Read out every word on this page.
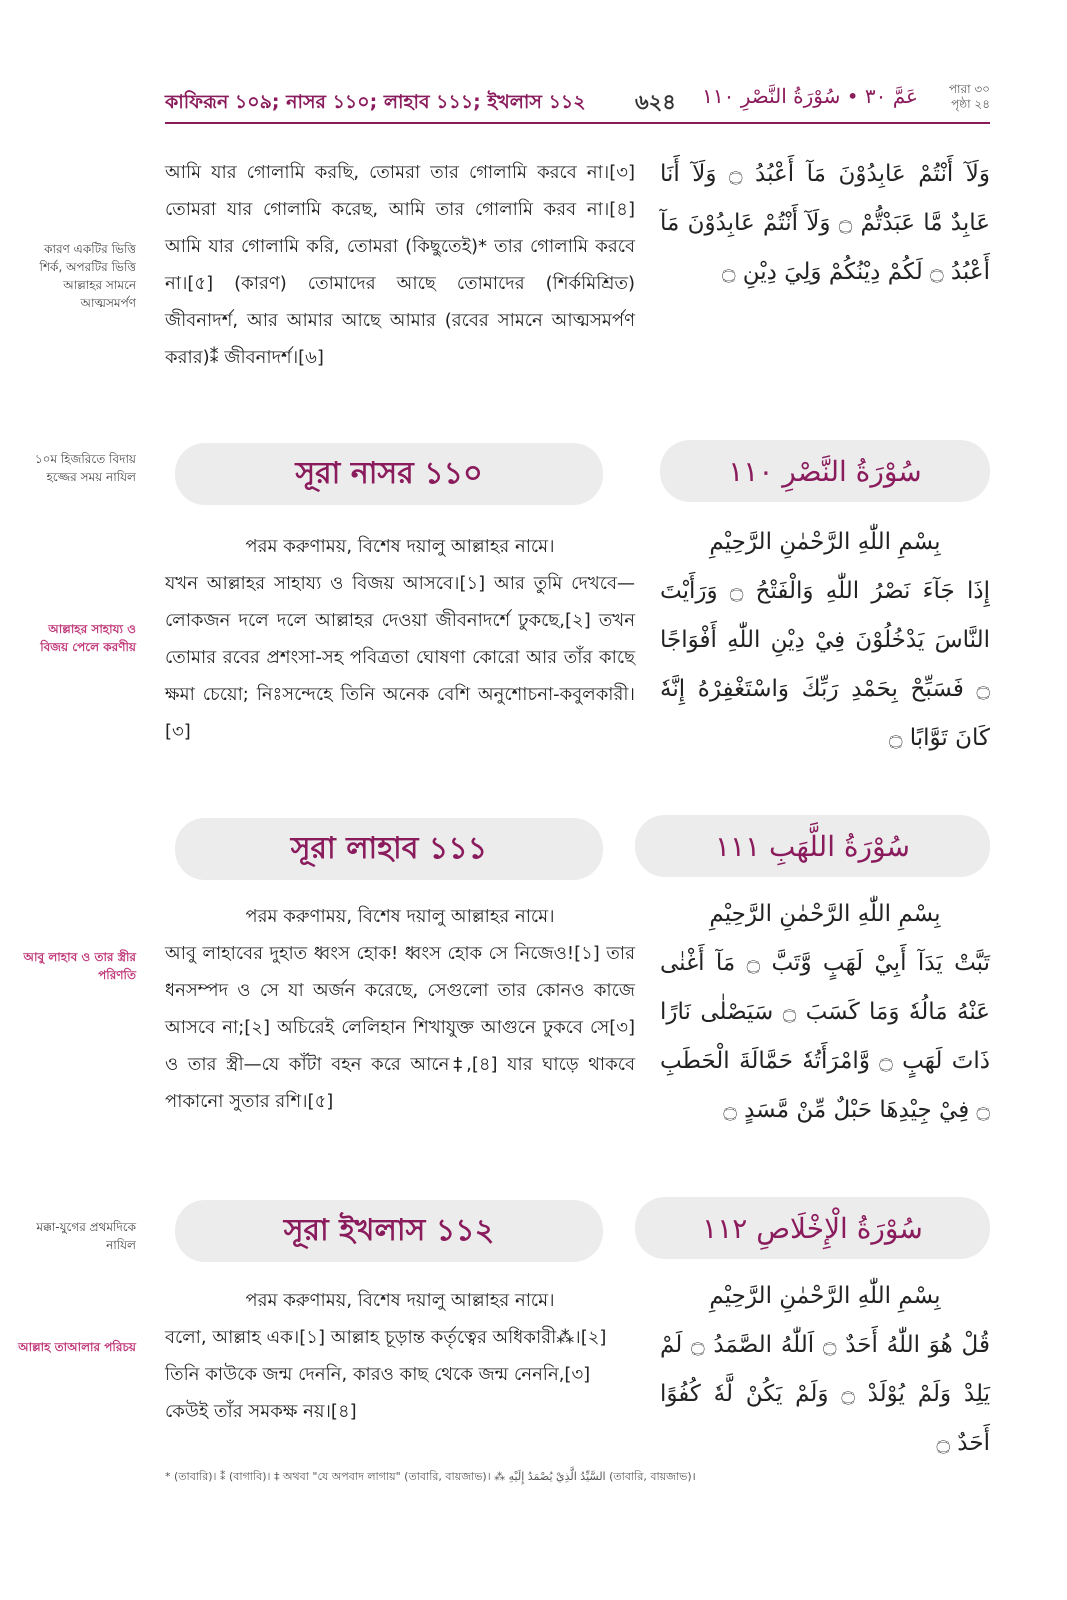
কাফিরূন ১০৯; নাসর ১১০; লাহাব ১১১; ইখলাস ১১২ ৬২৪ عَمَّ ٣٠ • سُوْرَةُ النَّصْرِ ١١٠	পারা ৩০
পৃষ্ঠা ২৪
কারণ একটির ভিত্তি শির্ক, অপরটির ভিত্তি আল্লাহর সামনে আত্মসমর্পণ

আমি যার গোলামি করছি, তোমরা তার গোলামি করবে না।[৩] তোমরা যার গোলামি করেছ, আমি তার গোলামি করব না।[৪] আমি যার গোলামি করি, তোমরা (কিছুতেই)* তার গোলামি করবে না।[৫] (কারণ) তোমাদের আছে তোমাদের (শির্কমিশ্রিত) জীবনাদর্শ, আর আমার আছে আমার (রবের সামনে আত্মসমর্পণ করার)⁑ জীবনাদর্শ।[৬]

وَلَآ أَنْتُمْ عَابِدُوْنَ مَآ أَعْبُدُ ۝ وَلَآ أَنَا عَابِدٌ مَّا عَبَدْتُّمْ ۝ وَلَآ أَنْتُمْ عَابِدُوْنَ مَآ أَعْبُدُ ۝ لَكُمْ دِيْنُكُمْ وَلِيَ دِيْنِ ۝

১০ম হিজরিতে বিদায় হজ্জের সময় নাযিল	সূরা নাসর ১১০	سُوْرَةُ النَّصْرِ ١١٠
আল্লাহর সাহায্য ও বিজয় পেলে করণীয়

পরম করুণাময়, বিশেষ দয়ালু আল্লাহর নামে।

যখন আল্লাহর সাহায্য ও বিজয় আসবে।[১] আর তুমি দেখবে—লোকজন দলে দলে আল্লাহর দেওয়া জীবনাদর্শে ঢুকছে,[২] তখন তোমার রবের প্রশংসা-সহ পবিত্রতা ঘোষণা কোরো আর তাঁর কাছে ক্ষমা চেয়ো; নিঃসন্দেহে তিনি অনেক বেশি অনুশোচনা-কবুলকারী।[৩]

بِسْمِ اللّٰهِ الرَّحْمٰنِ الرَّحِيْمِ

إِذَا جَآءَ نَصْرُ اللّٰهِ وَالْفَتْحُ ۝ وَرَأَيْتَ النَّاسَ يَدْخُلُوْنَ فِيْ دِيْنِ اللّٰهِ أَفْوَاجًا ۝ فَسَبِّحْ بِحَمْدِ رَبِّكَ وَاسْتَغْفِرْهُ إِنَّهٗ كَانَ تَوَّابًا ۝

সূরা লাহাব ১১১	سُوْرَةُ اللَّهَبِ ١١١
আবু লাহাব ও তার স্ত্রীর পরিণতি

পরম করুণাময়, বিশেষ দয়ালু আল্লাহর নামে।

আবু লাহাবের দুহাত ধ্বংস হোক! ধ্বংস হোক সে নিজেও![১] তার ধনসম্পদ ও সে যা অর্জন করেছে, সেগুলো তার কোনও কাজে আসবে না;[২] অচিরেই লেলিহান শিখাযুক্ত আগুনে ঢুকবে সে[৩] ও তার স্ত্রী—যে কাঁটা বহন করে আনে‡,[৪] যার ঘাড়ে থাকবে পাকানো সুতার রশি।[৫]

بِسْمِ اللّٰهِ الرَّحْمٰنِ الرَّحِيْمِ

تَبَّتْ يَدَآ أَبِيْ لَهَبٍ وَّتَبَّ ۝ مَآ أَغْنٰى عَنْهُ مَالُهٗ وَمَا كَسَبَ ۝ سَيَصْلٰى نَارًا ذَاتَ لَهَبٍ ۝ وَّامْرَأَتُهٗ حَمَّالَةَ الْحَطَبِ ۝ فِيْ جِيْدِهَا حَبْلٌ مِّنْ مَّسَدٍ ۝

মক্কা-যুগের প্রথমদিকে নাযিল	সূরা ইখলাস ১১২	سُوْرَةُ الْإِخْلَاصِ ١١٢
আল্লাহ তাআলার পরিচয়

পরম করুণাময়, বিশেষ দয়ালু আল্লাহর নামে।

বলো, আল্লাহ এক।[১] আল্লাহ চূড়ান্ত কর্তৃত্বের অধিকারী⁂।[২]

তিনি কাউকে জন্ম দেননি, কারও কাছ থেকে জন্ম নেননি,[৩]

কেউই তাঁর সমকক্ষ নয়।[৪]

بِسْمِ اللّٰهِ الرَّحْمٰنِ الرَّحِيْمِ

قُلْ هُوَ اللّٰهُ أَحَدٌ ۝ اَللّٰهُ الصَّمَدُ ۝ لَمْ يَلِدْ وَلَمْ يُوْلَدْ ۝ وَلَمْ يَكُنْ لَّهٗ كُفُوًا أَحَدٌ ۝

* (তাবারি)। ⁑ (বাগাবি)। ‡ অথবা "যে অপবাদ লাগায়" (তাবারি, বায়জাভ)। ⁂ السَّيِّدُ الَّذِيْ يُصْمَدُ إِلَيْهِ (তাবারি, বায়জাভ)।
